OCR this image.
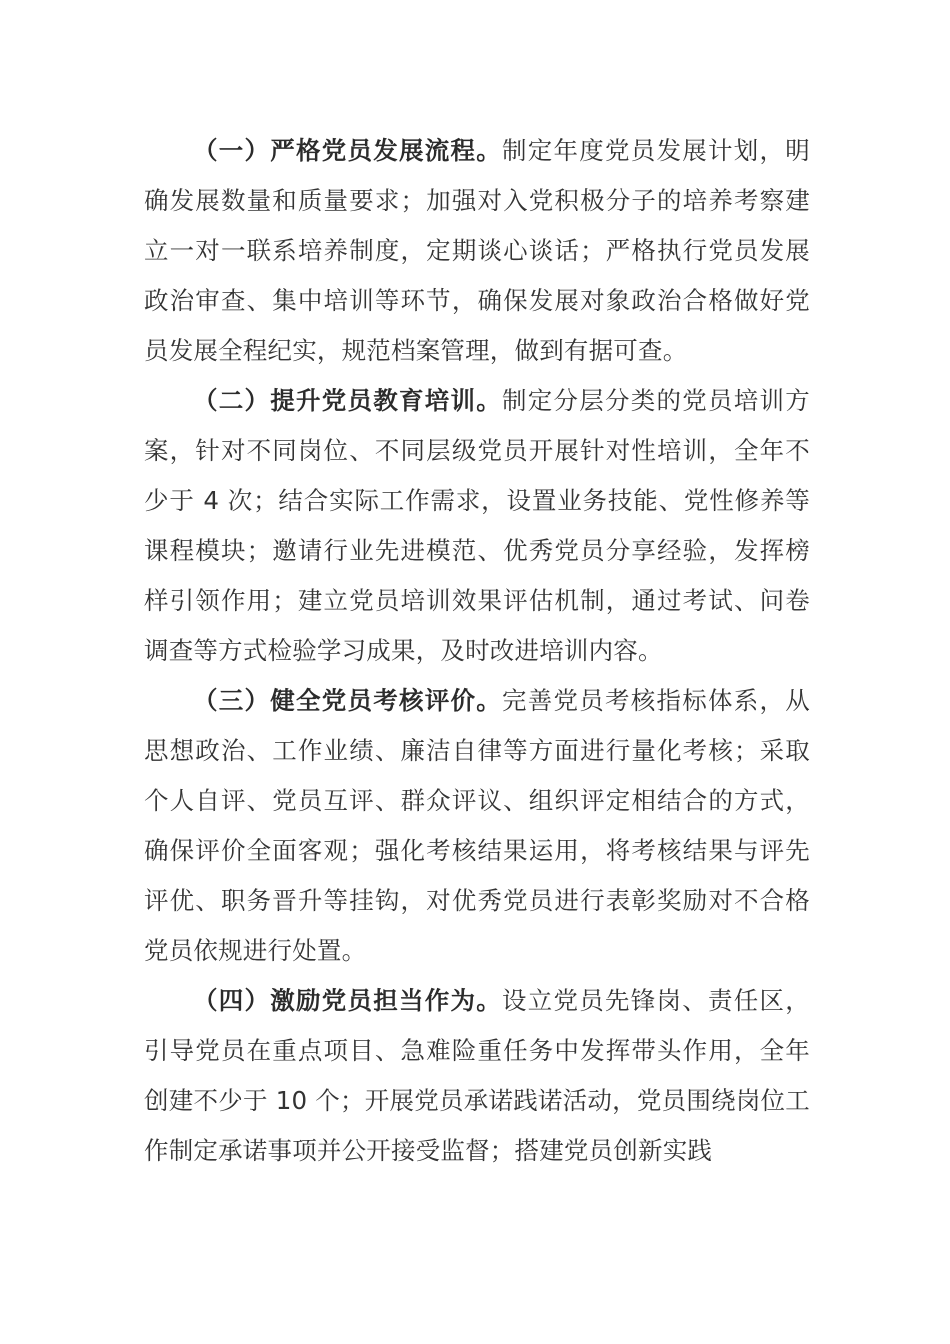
（一）严格党员发展流程。制定年度党员发展计划，明确发展数量和质量要求；加强对入党积极分子的培养考察建立一对一联系培养制度，定期谈心谈话；严格执行党员发展政治审查、集中培训等环节，确保发展对象政治合格做好党员发展全程纪实，规范档案管理，做到有据可查。

（二）提升党员教育培训。制定分层分类的党员培训方案，针对不同岗位、不同层级党员开展针对性培训，全年不少于 4 次；结合实际工作需求，设置业务技能、党性修养等课程模块；邀请行业先进模范、优秀党员分享经验，发挥榜样引领作用；建立党员培训效果评估机制，通过考试、问卷调查等方式检验学习成果，及时改进培训内容。

（三）健全党员考核评价。完善党员考核指标体系，从思想政治、工作业绩、廉洁自律等方面进行量化考核；采取个人自评、党员互评、群众评议、组织评定相结合的方式，确保评价全面客观；强化考核结果运用，将考核结果与评先评优、职务晋升等挂钩，对优秀党员进行表彰奖励对不合格党员依规进行处置。

（四）激励党员担当作为。设立党员先锋岗、责任区，引导党员在重点项目、急难险重任务中发挥带头作用，全年创建不少于 10 个；开展党员承诺践诺活动，党员围绕岗位工作制定承诺事项并公开接受监督；搭建党员创新实践
